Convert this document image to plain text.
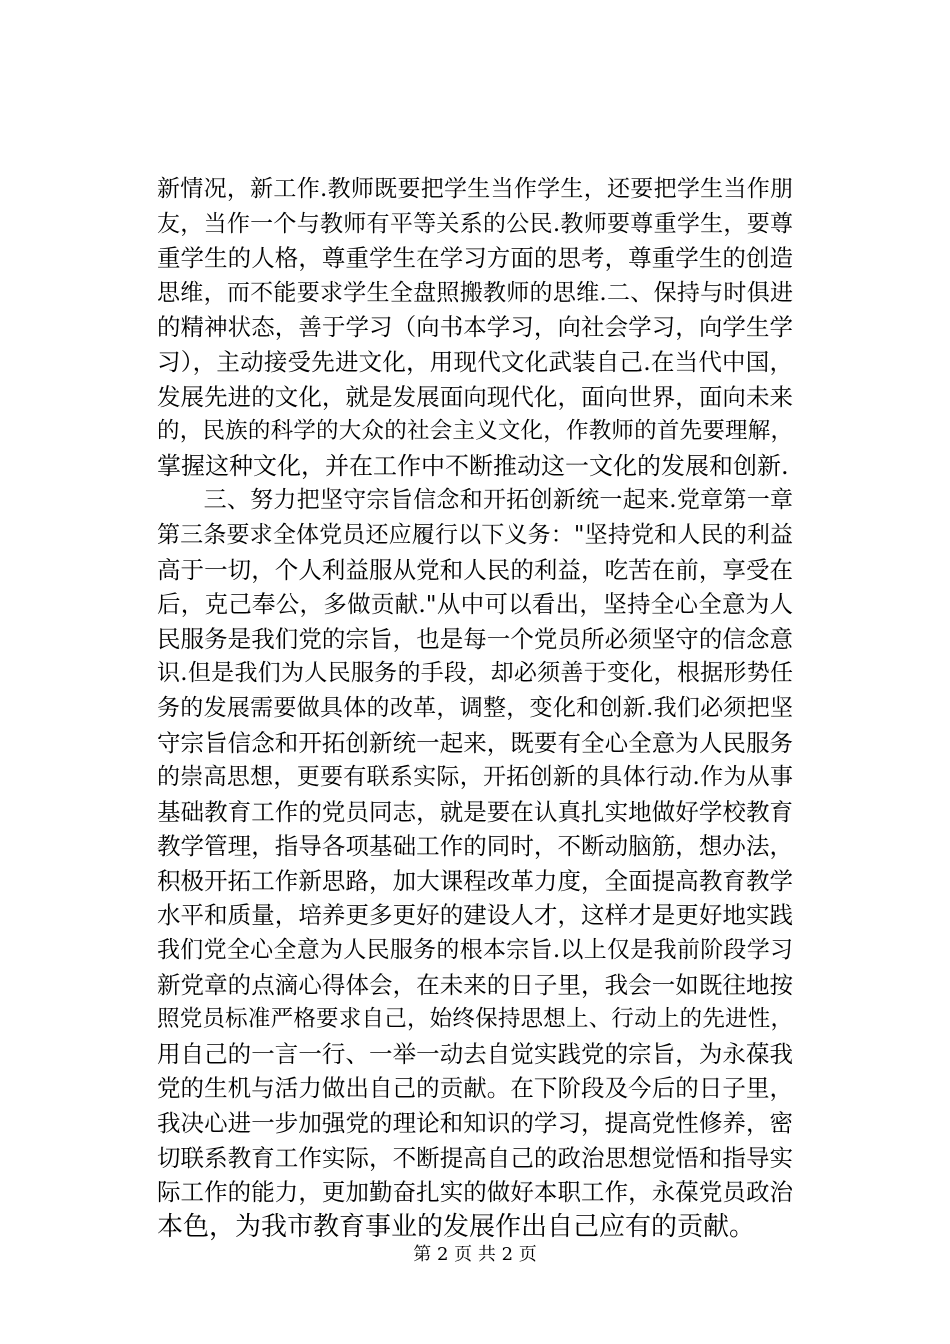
新情况，新工作.教师既要把学生当作学生，还要把学生当作朋
友，当作一个与教师有平等关系的公民.教师要尊重学生，要尊
重学生的人格，尊重学生在学习方面的思考，尊重学生的创造
思维，而不能要求学生全盘照搬教师的思维.二、保持与时俱进
的精神状态，善于学习（向书本学习，向社会学习，向学生学
习），主动接受先进文化，用现代文化武装自己.在当代中国，
发展先进的文化，就是发展面向现代化，面向世界，面向未来
的，民族的科学的大众的社会主义文化，作教师的首先要理解，
掌握这种文化，并在工作中不断推动这一文化的发展和创新.
　　三、努力把坚守宗旨信念和开拓创新统一起来.党章第一章
第三条要求全体党员还应履行以下义务："坚持党和人民的利益
高于一切，个人利益服从党和人民的利益，吃苦在前，享受在
后，克己奉公，多做贡献."从中可以看出，坚持全心全意为人
民服务是我们党的宗旨，也是每一个党员所必须坚守的信念意
识.但是我们为人民服务的手段，却必须善于变化，根据形势任
务的发展需要做具体的改革，调整，变化和创新.我们必须把坚
守宗旨信念和开拓创新统一起来，既要有全心全意为人民服务
的崇高思想，更要有联系实际，开拓创新的具体行动.作为从事
基础教育工作的党员同志，就是要在认真扎实地做好学校教育
教学管理，指导各项基础工作的同时，不断动脑筋，想办法，
积极开拓工作新思路，加大课程改革力度，全面提高教育教学
水平和质量，培养更多更好的建设人才，这样才是更好地实践
我们党全心全意为人民服务的根本宗旨.以上仅是我前阶段学习
新党章的点滴心得体会，在未来的日子里，我会一如既往地按
照党员标准严格要求自己，始终保持思想上、行动上的先进性，
用自己的一言一行、一举一动去自觉实践党的宗旨，为永葆我
党的生机与活力做出自己的贡献。在下阶段及今后的日子里，
我决心进一步加强党的理论和知识的学习，提高党性修养，密
切联系教育工作实际，不断提高自己的政治思想觉悟和指导实
际工作的能力，更加勤奋扎实的做好本职工作，永葆党员政治
本色，为我市教育事业的发展作出自己应有的贡献。
第 2 页 共 2 页
